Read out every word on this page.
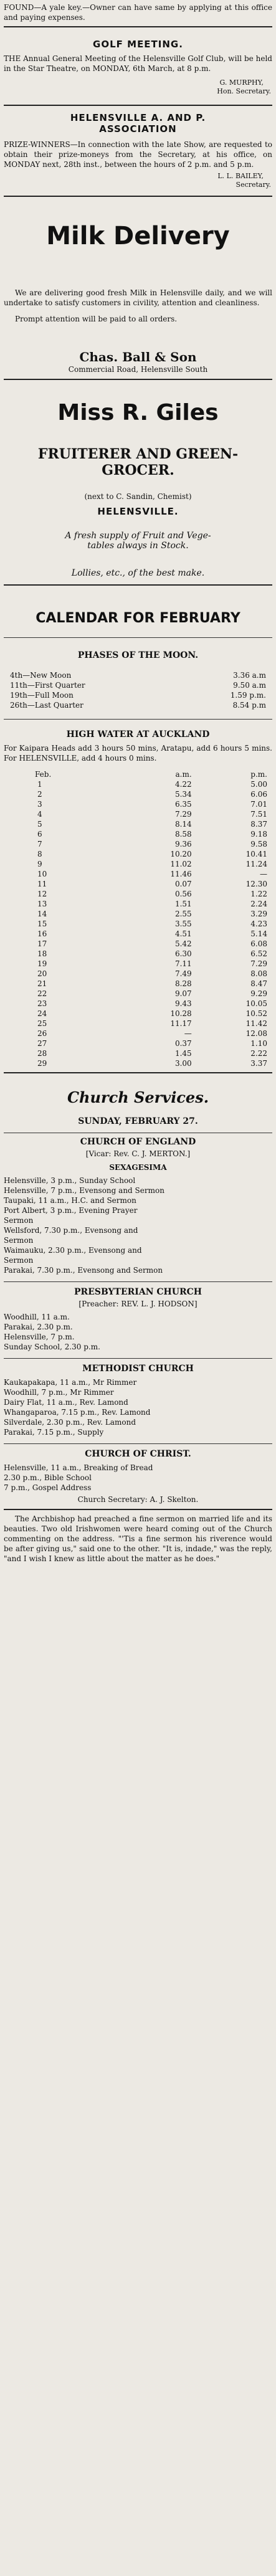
FOUND—A yale key.—Owner can have same by applying at this office and paying expenses.
GOLF MEETING.
THE Annual General Meeting of the Helensville Golf Club, will be held in the Star Theatre, on MONDAY, 6th March, at 8 p.m.
G. MURPHY,
Hon. Secretary.
HELENSVILLE A. AND P.
ASSOCIATION
PRIZE-WINNERS—In connection with the late Show, are requested to obtain their prize-moneys from the Secretary, at his office, on MONDAY next, 28th inst., between the hours of 2 p.m. and 5 p.m.
L. L. BAILEY,
Secretary.
Milk Delivery
We are delivering good fresh Milk in Helensville daily, and we will undertake to satisfy customers in civility, attention and cleanliness.
Prompt attention will be paid to all orders.
Chas. Ball & Son
Commercial Road, Helensville South
Miss R. Giles
FRUITERER AND GREEN-
GROCER.
(next to C. Sandin, Chemist)
HELENSVILLE.
A fresh supply of Fruit and Vege-
tables always in Stock.
Lollies, etc., of the best make.
CALENDAR FOR FEBRUARY
PHASES OF THE MOON.
4th—New Moon	3.36 a.m
11th—First Quarter	9.50 a.m
19th—Full Moon	1.59 p.m.
26th—Last Quarter	8.54 p.m
HIGH WATER AT AUCKLAND
For Kaipara Heads add 3 hours 50 mins, Aratapu, add 6 hours 5 mins. For HELENSVILLE, add 4 hours 0 mins.
Feb.	a.m.	p.m.
1	4.22	5.00
2	5.34	6.06
3	6.35	7.01
4	7.29	7.51
5	8.14	8.37
6	8.58	9.18
7	9.36	9.58
8	10.20	10.41
9	11.02	11.24
10	11.46	—
11	0.07	12.30
12	0.56	1.22
13	1.51	2.24
14	2.55	3.29
15	3.55	4.23
16	4.51	5.14
17	5.42	6.08
18	6.30	6.52
19	7.11	7.29
20	7.49	8.08
21	8.28	8.47
22	9.07	9.29
23	9.43	10.05
24	10.28	10.52
25	11.17	11.42
26	—	12.08
27	0.37	1.10
28	1.45	2.22
29	3.00	3.37
Church Services.
SUNDAY, FEBRUARY 27.
CHURCH OF ENGLAND
[Vicar: Rev. C. J. MERTON.]
SEXAGESIMA
Helensville, 3 p.m., Sunday School
Helensville, 7 p.m., Evensong and Sermon
Taupaki, 11 a.m., H.C. and Sermon
Port Albert, 3 p.m., Evening Prayer
Sermon
Wellsford, 7.30 p.m., Evensong and
Sermon
Waimauku, 2.30 p.m., Evensong and
Sermon
Parakai, 7.30 p.m., Evensong and Sermon
PRESBYTERIAN CHURCH
[Preacher: REV. L. J. HODSON]
Woodhill, 11 a.m.
Parakai, 2.30 p.m.
Helensville, 7 p.m.
Sunday School, 2.30 p.m.
METHODIST CHURCH
Kaukapakapa, 11 a.m., Mr Rimmer
Woodhill, 7 p.m., Mr Rimmer
Dairy Flat, 11 a.m., Rev. Lamond
Whangaparoa, 7.15 p.m., Rev. Lamond
Silverdale, 2.30 p.m., Rev. Lamond
Parakai, 7.15 p.m., Supply
CHURCH OF CHRIST.
Helensville, 11 a.m., Breaking of Bread
2.30 p.m., Bible School
7 p.m., Gospel Address
Church Secretary: A. J. Skelton.
The Archbishop had preached a fine sermon on married life and its beauties. Two old Irishwomen were heard coming out of the Church commenting on the address. "'Tis a fine sermon his riverence would be after giving us," said one to the other. "It is, indade," was the reply, "and I wish I knew as little about the matter as he does."
